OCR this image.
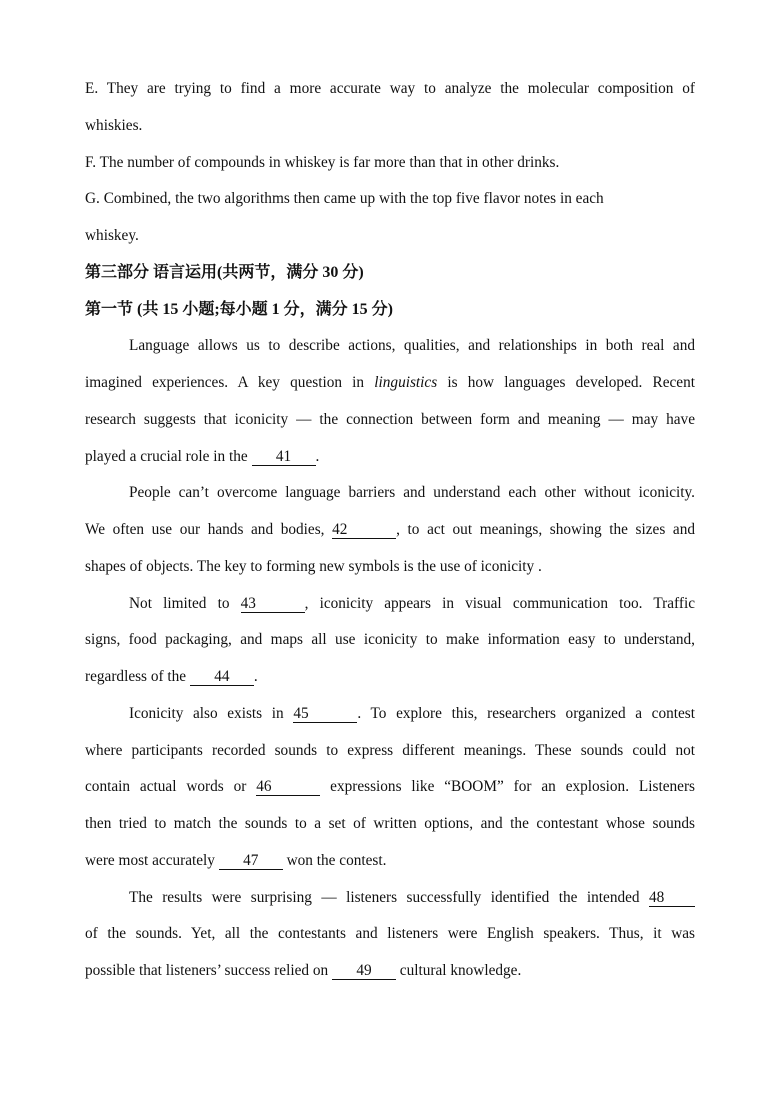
E. They are trying to find a more accurate way to analyze the molecular composition of
whiskies.
F. The number of compounds in whiskey is far more than that in other drinks.
G. Combined, the two algorithms then came up with the top five flavor notes in each
whiskey.
第三部分 语言运用(共两节，满分 30 分)
第一节 (共 15 小题;每小题 1 分，满分 15 分)
Language allows us to describe actions, qualities, and relationships in both real and
imagined experiences. A key question in linguistics is how languages developed. Recent
research suggests that iconicity — the connection between form and meaning — may have
played a crucial role in the 41 .
People can’t overcome language barriers and understand each other without iconicity.
We often use our hands and bodies, 42	, to act out meanings, showing the sizes and
shapes of objects. The key to forming new symbols is the use of iconicity .
Not limited to 43	, iconicity appears in visual communication too. Traffic
signs, food packaging, and maps all use iconicity to make information easy to understand,
regardless of the 44 .
Iconicity also exists in 45	. To explore this, researchers organized a contest
where participants recorded sounds to express different meanings. These sounds could not
contain actual words or 46	expressions like “BOOM” for an explosion. Listeners
then tried to match the sounds to a set of written options, and the contestant whose sounds
were most accurately 47 won the contest.
The results were surprising — listeners successfully identified the intended 48
of the sounds. Yet, all the contestants and listeners were English speakers. Thus, it was
possible that listeners’ success relied on 49 cultural knowledge.
